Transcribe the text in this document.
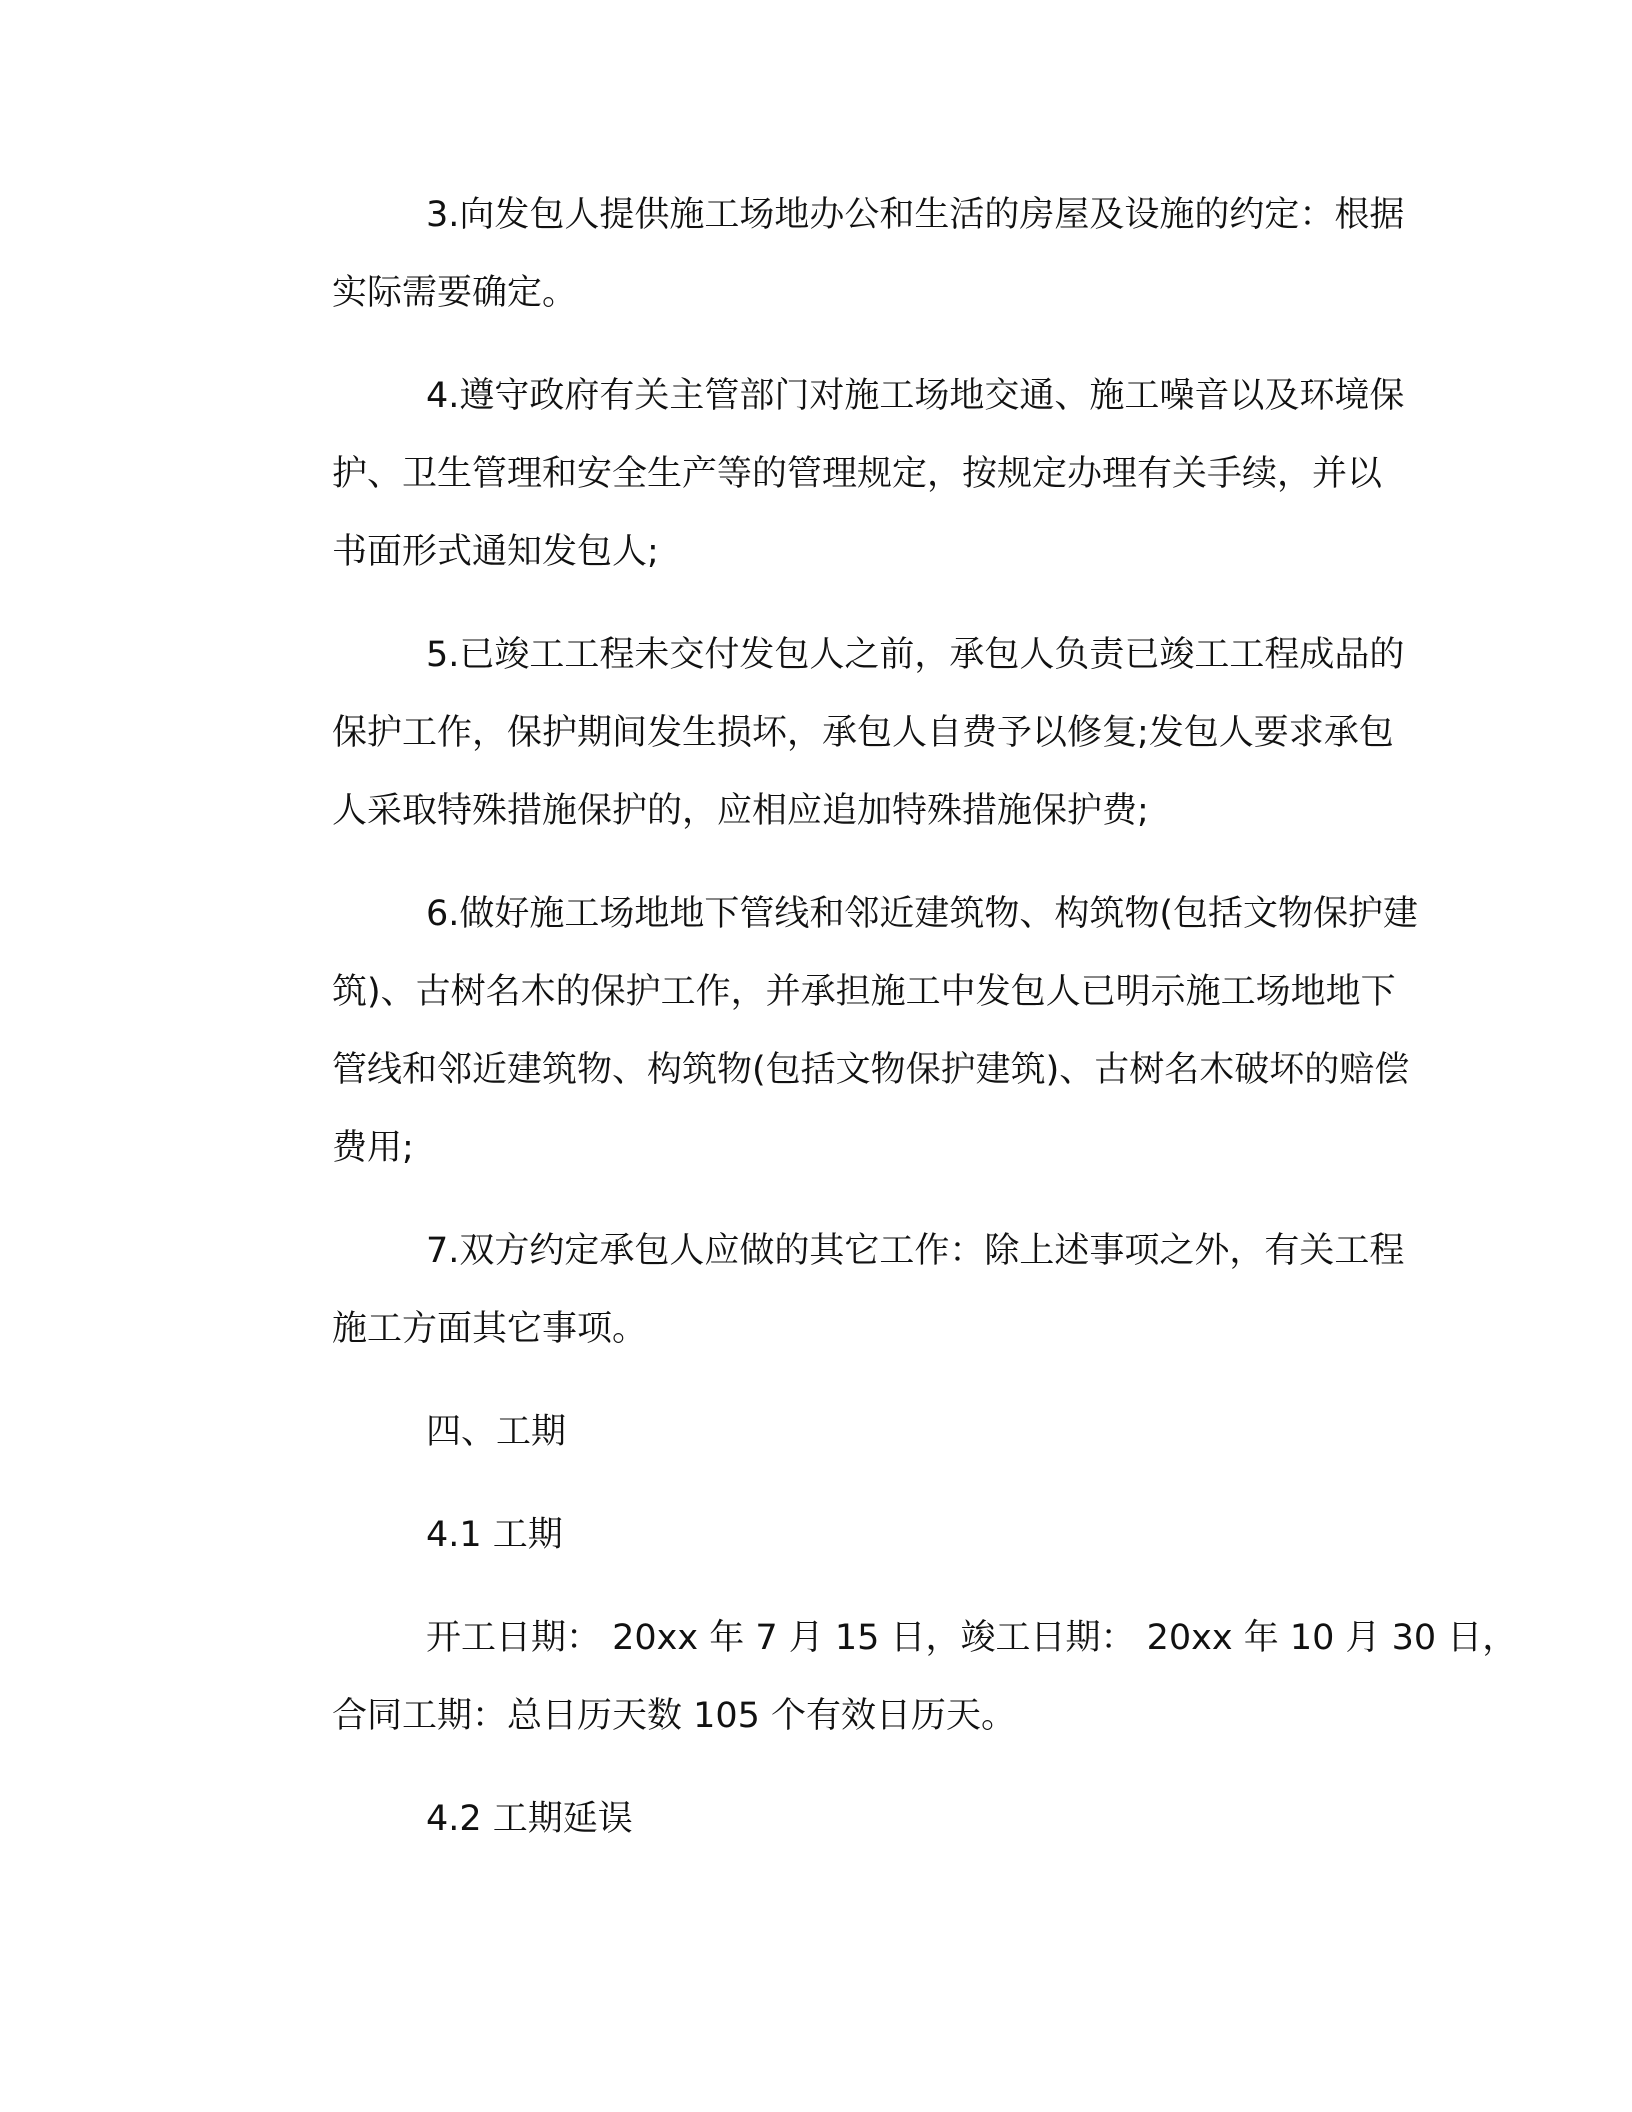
3.向发包人提供施工场地办公和生活的房屋及设施的约定：根据
实际需要确定。
4.遵守政府有关主管部门对施工场地交通、施工噪音以及环境保
护、卫生管理和安全生产等的管理规定，按规定办理有关手续，并以
书面形式通知发包人;
5.已竣工工程未交付发包人之前，承包人负责已竣工工程成品的
保护工作，保护期间发生损坏，承包人自费予以修复;发包人要求承包
人采取特殊措施保护的，应相应追加特殊措施保护费;
6.做好施工场地地下管线和邻近建筑物、构筑物(包括文物保护建
筑)、古树名木的保护工作，并承担施工中发包人已明示施工场地地下
管线和邻近建筑物、构筑物(包括文物保护建筑)、古树名木破坏的赔偿
费用;
7.双方约定承包人应做的其它工作：除上述事项之外，有关工程
施工方面其它事项。
四、工期
4.1 工期
开工日期： 20xx 年 7 月 15 日，竣工日期： 20xx 年 10 月 30 日，
合同工期：总日历天数 105 个有效日历天。
4.2 工期延误
